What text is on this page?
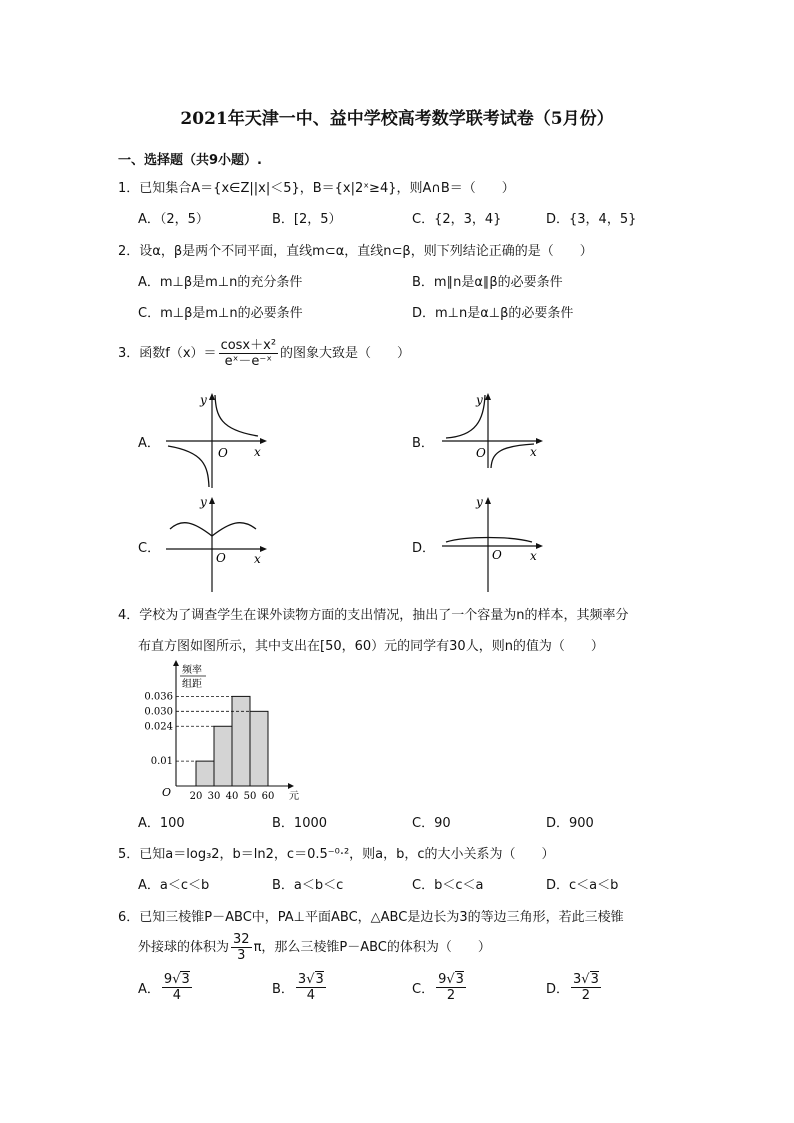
2021年天津一中、益中学校高考数学联考试卷（5月份）
一、选择题（共9小题）.
1．已知集合A＝{x∈Z||x|＜5}，B＝{x|2ˣ≥4}，则A∩B＝（　　）
A．（2，5）	B．[2，5）	C．{2，3，4}	D．{3，4，5}
2．设α，β是两个不同平面，直线m⊂α，直线n⊂β，则下列结论正确的是（　　）
A．m⊥β是m⊥n的充分条件	B．m∥n是α∥β的必要条件
C．m⊥β是m⊥n的必要条件	D．m⊥n是α⊥β的必要条件
3．函数$f(x)= \frac{\text{cosx＋x²}}{\text{eˣ－e⁻ˣ}}$ 的图象大致是（　　）
A．
y
x
O
B．
y
x
O
C．
y
x
O
D．
y
x
O
4．学校为了调查学生在课外读物方面的支出情况，抽出了一个容量为n的样本，其频率分
布直方图如图所示，其中支出在[50，60）元的同学有30人，则n的值为（　　）
频率
组距
0.036
0.030
0.024
0.01
20 30 40 50 60
O	元
A．100	B．1000	C．90	D．900
5．已知a＝log₃2，b＝ln2，c＝0.5⁻⁰·²，则a，b，c的大小关系为（　　）
A．a＜c＜b	B．a＜b＜c	C．b＜c＜a	D．c＜a＜b
6．已知三棱锥P－ABC中，PA⊥平面ABC，△ABC是边长为3的等边三角形，若此三棱锥
外接球的体积为 $\frac{32}{3}$ π，那么三棱锥P－ABC的体积为（　　）
A． $\frac{9√3}{4}$	B． $\frac{3√3}{4}$	C． $\frac{9√3}{2}$	D． $\frac{3√3}{2}$
